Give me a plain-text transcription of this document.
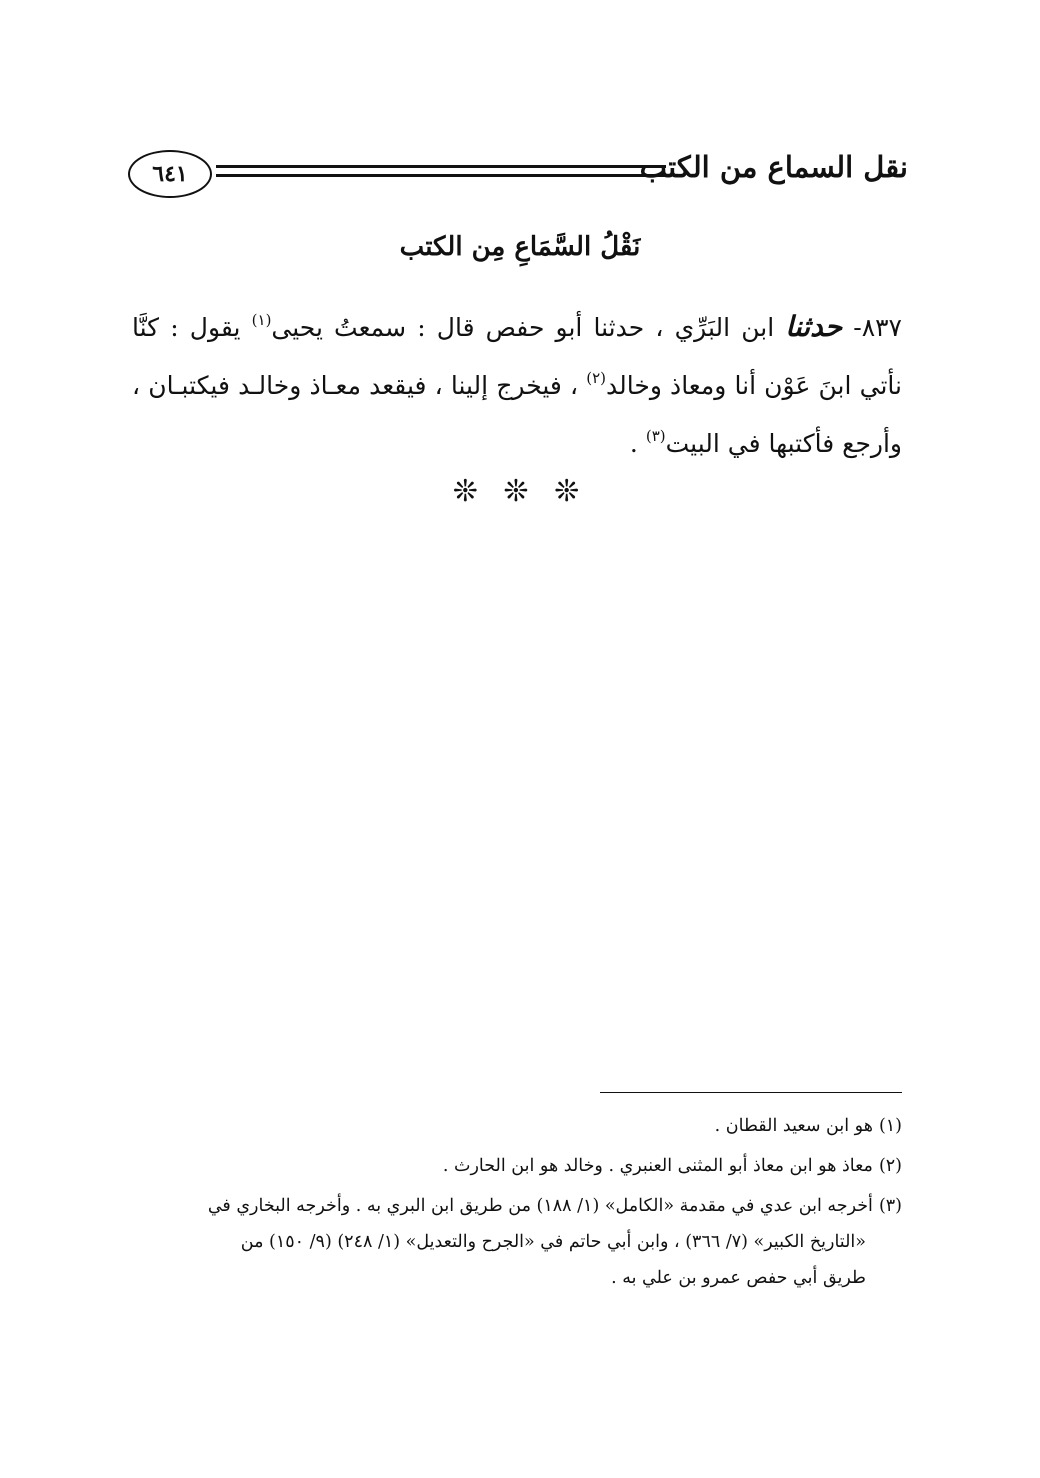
٦٤١	نقل السماع من الكتب
نَقْلُ السَّمَاعِ مِن الكتب
٨٣٧- حدثنا ابن البَرِّي ، حدثنا أبو حفص قال : سمعتُ يحيى$^{(١)}$ يقول : كنَّا نأتي ابنَ عَوْن أنا ومعاذ وخالد$^{(٢)}$ ، فيخرج إلينا ، فيقعد معـاذ وخالـد فيكتبـان ، وأرجع فأكتبها في البيت$^{(٣)}$ .
❊ ❊ ❊
(١)هو ابن سعيد القطان .
(٢)معاذ هو ابن معاذ أبو المثنى العنبري . وخالد هو ابن الحارث .
(٣)أخرجه ابن عدي في مقدمة «الكامل» (١/ ١٨٨) من طريق ابن البري به . وأخرجه البخاري في
«التاريخ الكبير» (٧/ ٣٦٦) ، وابن أبي حاتم في «الجرح والتعديل» (١/ ٢٤٨) (٩/ ١٥٠) من
طريق أبي حفص عمرو بن علي به .
